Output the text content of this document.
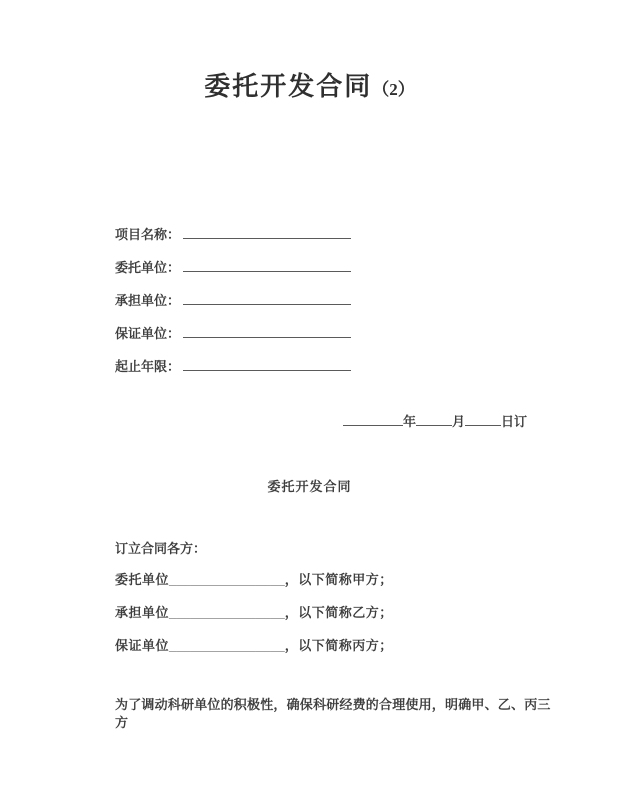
委托开发合同（2）
项目名称：
委托单位：
承担单位：
保证单位：
起止年限：
年	月	日订
委托开发合同
订立合同各方：
委托单位________________，以下简称甲方；
承担单位________________，以下简称乙方；
保证单位________________，以下简称丙方；
为了调动科研单位的积极性，确保科研经费的合理使用，明确甲、乙、丙三方
